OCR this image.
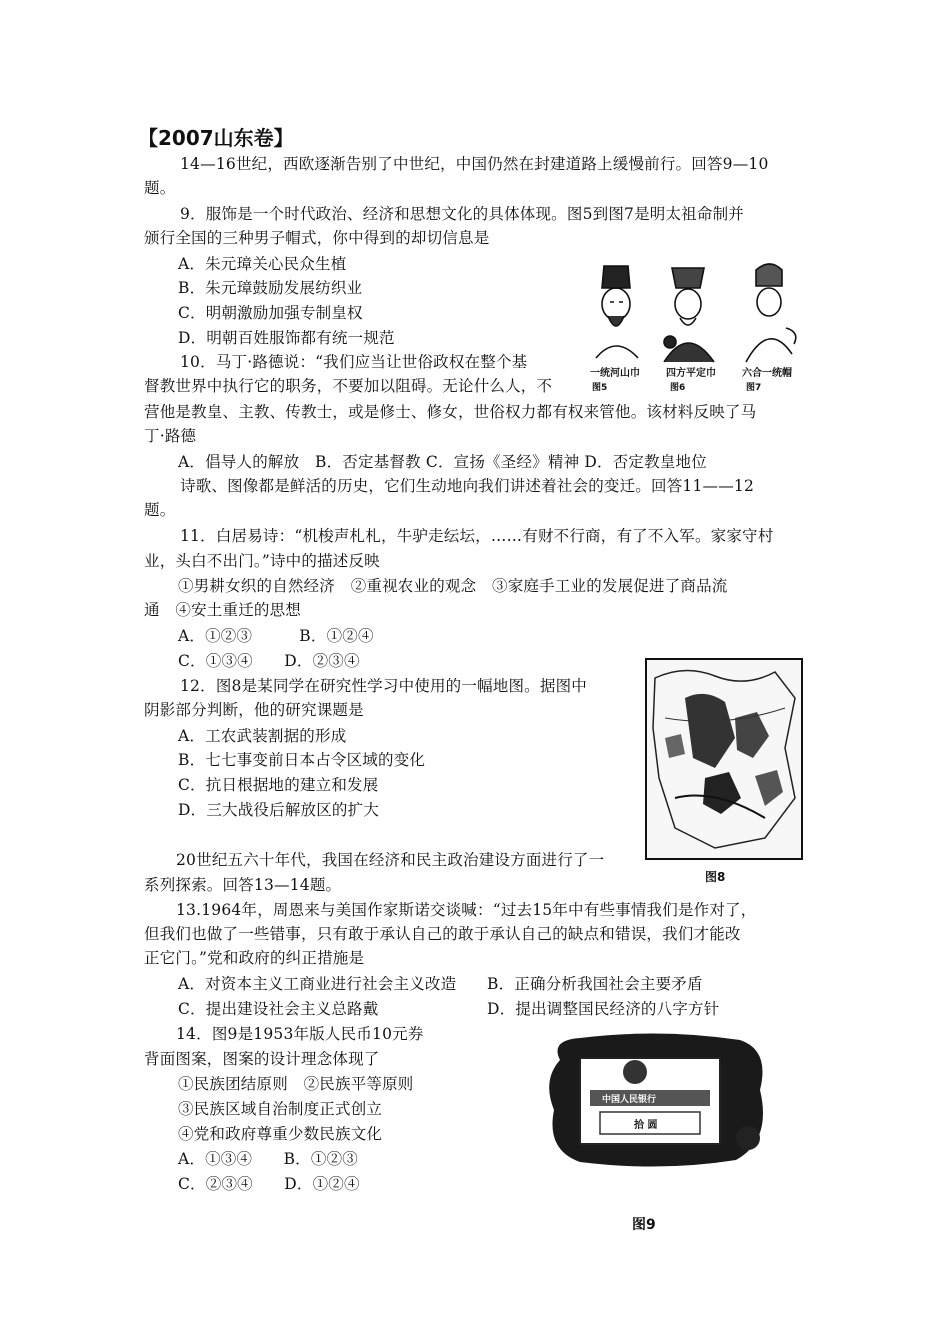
【2007山东卷】
14—16世纪，西欧逐渐告别了中世纪，中国仍然在封建道路上缓慢前行。回答9—10
题。
9．服饰是一个时代政治、经济和思想文化的具体体现。图5到图7是明太祖命制并
颁行全国的三种男子帽式，你中得到的却切信息是
A．朱元璋关心民众生植
B．朱元璋鼓励发展纺织业
C．明朝激励加强专制皇权
D．明朝百姓服饰都有统一规范
10．马丁·路德说：“我们应当让世俗政权在整个基
督教世界中执行它的职务，不要加以阻碍。无论什么人，不
营他是教皇、主教、传教士，或是修士、修女，世俗权力都有权来管他。该材料反映了马
丁·路德
A．倡导人的解放　B．否定基督教 C．宣扬《圣经》精神 D．否定教皇地位
诗歌、图像都是鲜活的历史，它们生动地向我们讲述着社会的变迁。回答11——12
题。
11．白居易诗：“机梭声札札，牛驴走纭坛，……有财不行商，有了不入军。家家守村
业，头白不出门。”诗中的描述反映
①男耕女织的自然经济　②重视农业的观念　③家庭手工业的发展促进了商品流
通　④安土重迁的思想
A．①②③　　　B．①②④
C．①③④　　D．②③④
12．图8是某同学在研究性学习中使用的一幅地图。据图中
阴影部分判断，他的研究课题是
A．工农武装割据的形成
B．七七事变前日本占令区域的变化
C．抗日根据地的建立和发展
D．三大战役后解放区的扩大
20世纪五六十年代，我国在经济和民主政治建设方面进行了一
系列探索。回答13—14题。
13.1964年，周恩来与美国作家斯诺交谈喊：“过去15年中有些事情我们是作对了，
但我们也做了一些错事，只有敢于承认自己的敢于承认自己的缺点和错误，我们才能改
正它门。”党和政府的纠正措施是
A．对资本主义工商业进行社会主义改造 B．正确分析我国社会主要矛盾
C．提出建设社会主义总路戴	D．提出调整国民经济的八字方针
14．图9是1953年版人民币10元券
背面图案，图案的设计理念体现了
①民族团结原则　②民族平等原则
③民族区域自治制度正式创立
④党和政府尊重少数民族文化
A．①③④　　B．①②③
C．②③④　　D．①②④
一统河山巾	四方平定巾	六合一统帽
图5	图6	图7
图8
中国人民银行
拾 圆
图9
